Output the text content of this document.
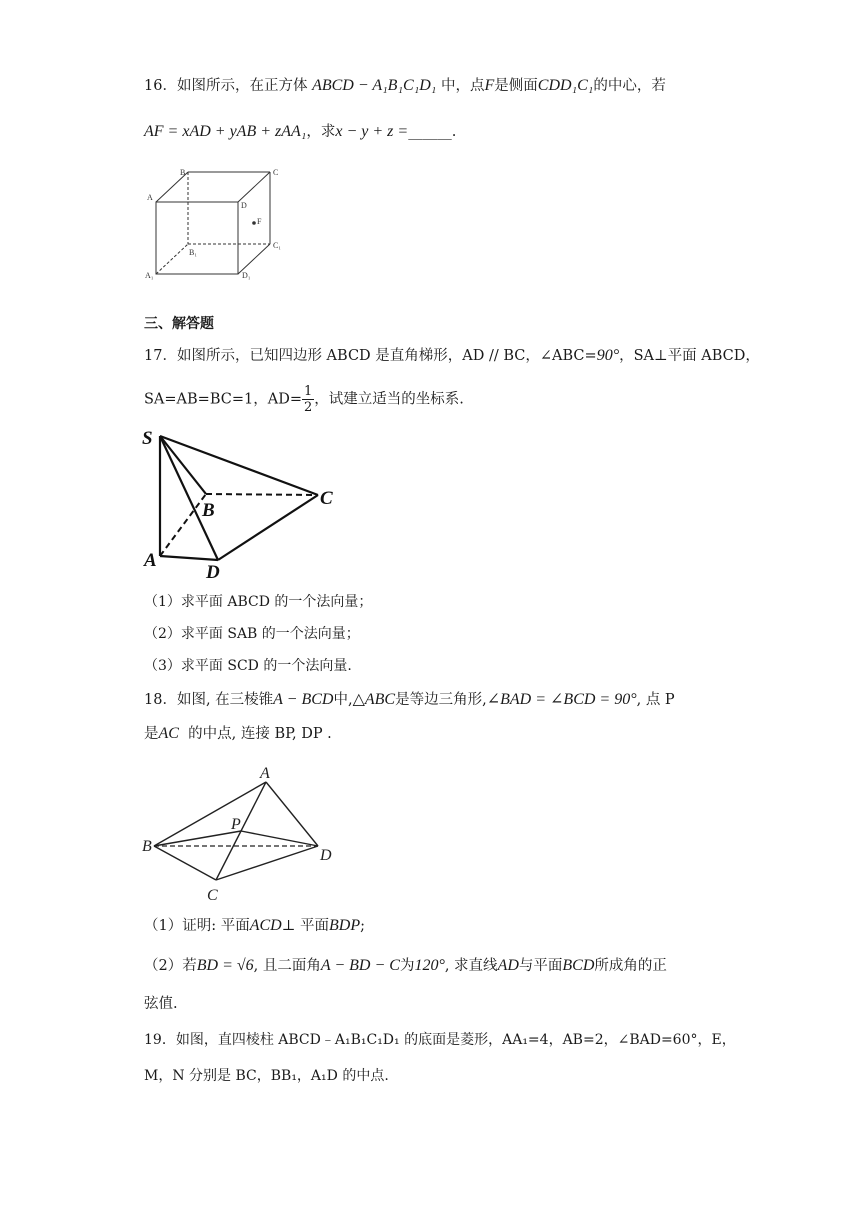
16．如图所示，在正方体 ABCD − A₁B₁C₁D₁ 中，点F是侧面CDD₁C₁的中心，若
AF = xAD + yAB + zAA₁，求x − y + z =______.
B	C
A
D
F
B₁
C₁
A₁	D₁
三、解答题
17．如图所示，已知四边形 ABCD 是直角梯形，AD // BC，∠ABC=90°，SA⊥平面 ABCD，
SA=AB=BC=1，$AD= \frac{1}{2}$ ，试建立适当的坐标系.
S
B
C
A
D
（1）求平面 ABCD 的一个法向量；
（2）求平面 SAB 的一个法向量；
（3）求平面 SCD 的一个法向量.
18．如图, 在三棱锥A − BCD中,△ABC是等边三角形,∠BAD = ∠BCD = 90°, 点 P
是AC 的中点, 连接 BP, DP .
A
P
B
C
D
（1）证明: 平面ACD⊥ 平面BDP;
（2）若BD = √6, 且二面角A − BD − C为120°, 求直线AD与平面BCD所成角的正
弦值.
19．如图，直四棱柱 ABCD﹣A₁B₁C₁D₁ 的底面是菱形，AA₁=4，AB=2，∠BAD=60°，E，
M，N 分别是 BC，BB₁，A₁D 的中点.
